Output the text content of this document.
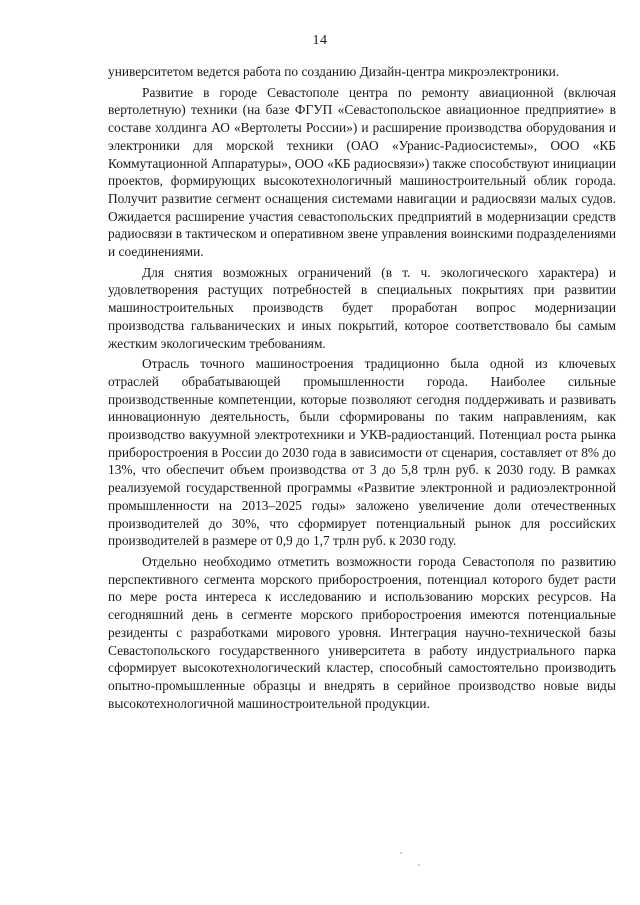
14

университетом ведется работа по созданию Дизайн-центра микроэлектроники.

Развитие в городе Севастополе центра по ремонту авиационной (включая вертолетную) техники (на базе ФГУП «Севастопольское авиационное предприятие» в составе холдинга АО «Вертолеты России») и расширение производства оборудования и электроники для морской техники (ОАО «Уранис-Радиосистемы», ООО «КБ Коммутационной Аппаратуры», ООО «КБ радиосвязи») также способствуют инициации проектов, формирующих высокотехнологичный машиностроительный облик города. Получит развитие сегмент оснащения системами навигации и радиосвязи малых судов. Ожидается расширение участия севастопольских предприятий в модернизации средств радиосвязи в тактическом и оперативном звене управления воинскими подразделениями и соединениями.

Для снятия возможных ограничений (в т. ч. экологического характера) и удовлетворения растущих потребностей в специальных покрытиях при развитии машиностроительных производств будет проработан вопрос модернизации производства гальванических и иных покрытий, которое соответствовало бы самым жестким экологическим требованиям.

Отрасль точного машиностроения традиционно была одной из ключевых отраслей обрабатывающей промышленности города. Наиболее сильные производственные компетенции, которые позволяют сегодня поддерживать и развивать инновационную деятельность, были сформированы по таким направлениям, как производство вакуумной электротехники и УКВ-радиостанций. Потенциал роста рынка приборостроения в России до 2030 года в зависимости от сценария, составляет от 8% до 13%, что обеспечит объем производства от 3 до 5,8 трлн руб. к 2030 году. В рамках реализуемой государственной программы «Развитие электронной и радиоэлектронной промышленности на 2013–2025 годы» заложено увеличение доли отечественных производителей до 30%, что сформирует потенциальный рынок для российских производителей в размере от 0,9 до 1,7 трлн руб. к 2030 году.

Отдельно необходимо отметить возможности города Севастополя по развитию перспективного сегмента морского приборостроения, потенциал которого будет расти по мере роста интереса к исследованию и использованию морских ресурсов. На сегодняшний день в сегменте морского приборостроения имеются потенциальные резиденты с разработками мирового уровня. Интеграция научно-технической базы Севастопольского государственного университета в работу индустриального парка сформирует высокотехнологический кластер, способный самостоятельно производить опытно-промышленные образцы и внедрять в серийное производство новые виды высокотехнологичной машиностроительной продукции.
